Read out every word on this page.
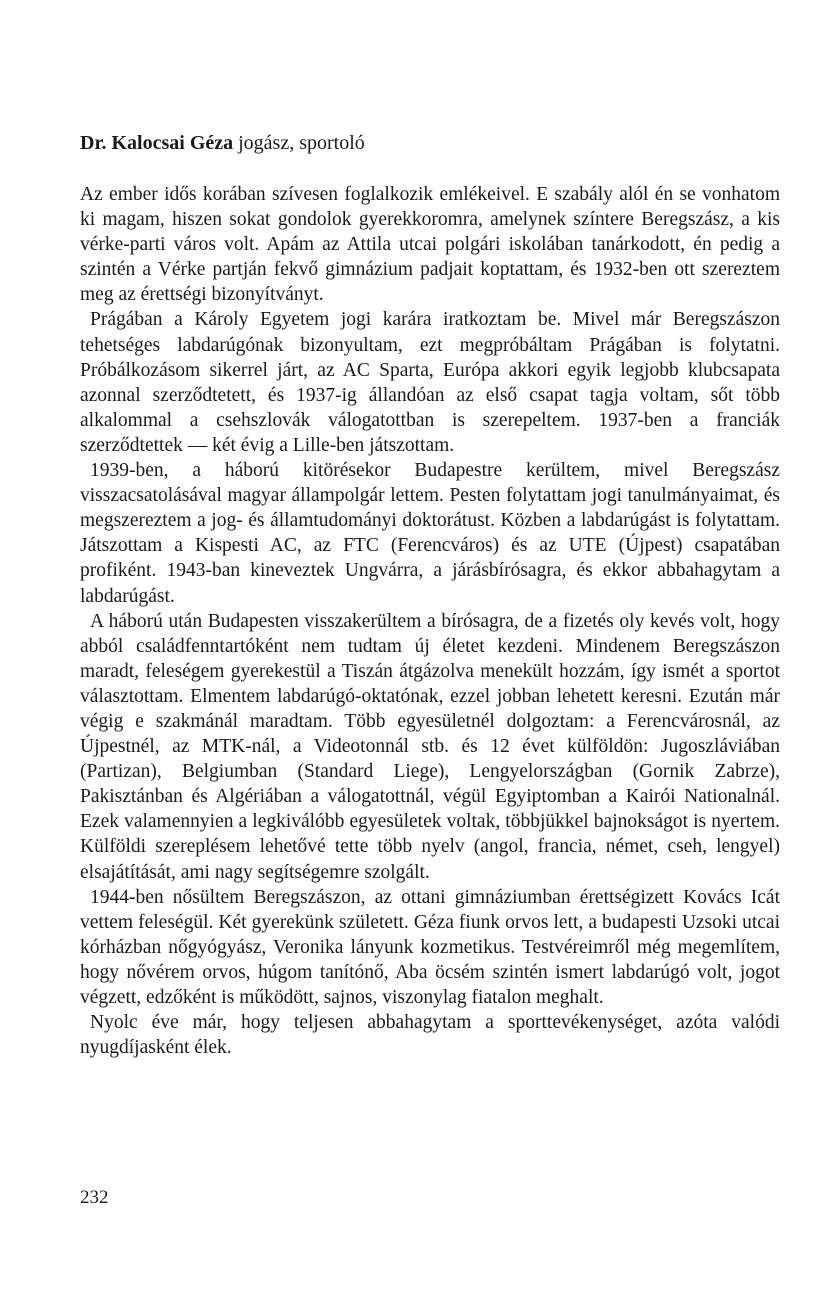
Dr. Kalocsai Géza jogász, sportoló

Az ember idős korában szívesen foglalkozik emlékeivel. E szabály alól én se vonhatom ki magam, hiszen sokat gondolok gyerekkoromra, amelynek színtere Beregszász, a kis vérke-parti város volt. Apám az Attila utcai polgári iskolában tanárkodott, én pedig a szintén a Vérke partján fekvő gimnázium padjait koptattam, és 1932-ben ott szereztem meg az érettségi bizonyítványt.

Prágában a Károly Egyetem jogi karára iratkoztam be. Mivel már Beregszászon tehetséges labdarúgónak bizonyultam, ezt megpróbáltam Prágában is folytatni. Próbálkozásom sikerrel járt, az AC Sparta, Európa akkori egyik legjobb klubcsapata azonnal szerződtetett, és 1937-ig állandóan az első csapat tagja voltam, sőt több alkalommal a csehszlovák válogatottban is szerepeltem. 1937-ben a franciák szerződtettek — két évig a Lille-ben játszottam.

1939-ben, a háború kitörésekor Budapestre kerültem, mivel Beregszász visszacsatolásával magyar állampolgár lettem. Pesten folytattam jogi tanulmányaimat, és megszereztem a jog- és államtudományi doktorátust. Közben a labdarúgást is folytattam. Játszottam a Kispesti AC, az FTC (Ferencváros) és az UTE (Újpest) csapatában profiként. 1943-ban kineveztek Ungvárra, a járásbírósagra, és ekkor abbahagytam a labdarúgást.

A háború után Budapesten visszakerültem a bírósagra, de a fizetés oly kevés volt, hogy abból családfenntartóként nem tudtam új életet kezdeni. Mindenem Beregszászon maradt, feleségem gyerekestül a Tiszán átgázolva menekült hozzám, így ismét a sportot választottam. Elmentem labdarúgó-oktatónak, ezzel jobban lehetett keresni. Ezután már végig e szakmánál maradtam. Több egyesületnél dolgoztam: a Ferencvárosnál, az Újpestnél, az MTK-nál, a Videotonnál stb. és 12 évet külföldön: Jugoszláviában (Partizan), Belgiumban (Standard Liege), Lengyelországban (Gornik Zabrze), Pakisztánban és Algériában a válogatottnál, végül Egyiptomban a Kairói Nationalnál. Ezek valamennyien a legkiválóbb egyesületek voltak, többjükkel bajnokságot is nyertem. Külföldi szereplésem lehetővé tette több nyelv (angol, francia, német, cseh, lengyel) elsajátítását, ami nagy segítségemre szolgált.

1944-ben nősültem Beregszászon, az ottani gimnáziumban érettségizett Kovács Icát vettem feleségül. Két gyerekünk született. Géza fiunk orvos lett, a budapesti Uzsoki utcai kórházban nőgyógyász, Veronika lányunk kozmetikus. Testvéreimről még megemlítem, hogy nővérem orvos, húgom tanítónő, Aba öcsém szintén ismert labdarúgó volt, jogot végzett, edzőként is működött, sajnos, viszonylag fiatalon meghalt.

Nyolc éve már, hogy teljesen abbahagytam a sporttevékenységet, azóta valódi nyugdíjasként élek.

232
